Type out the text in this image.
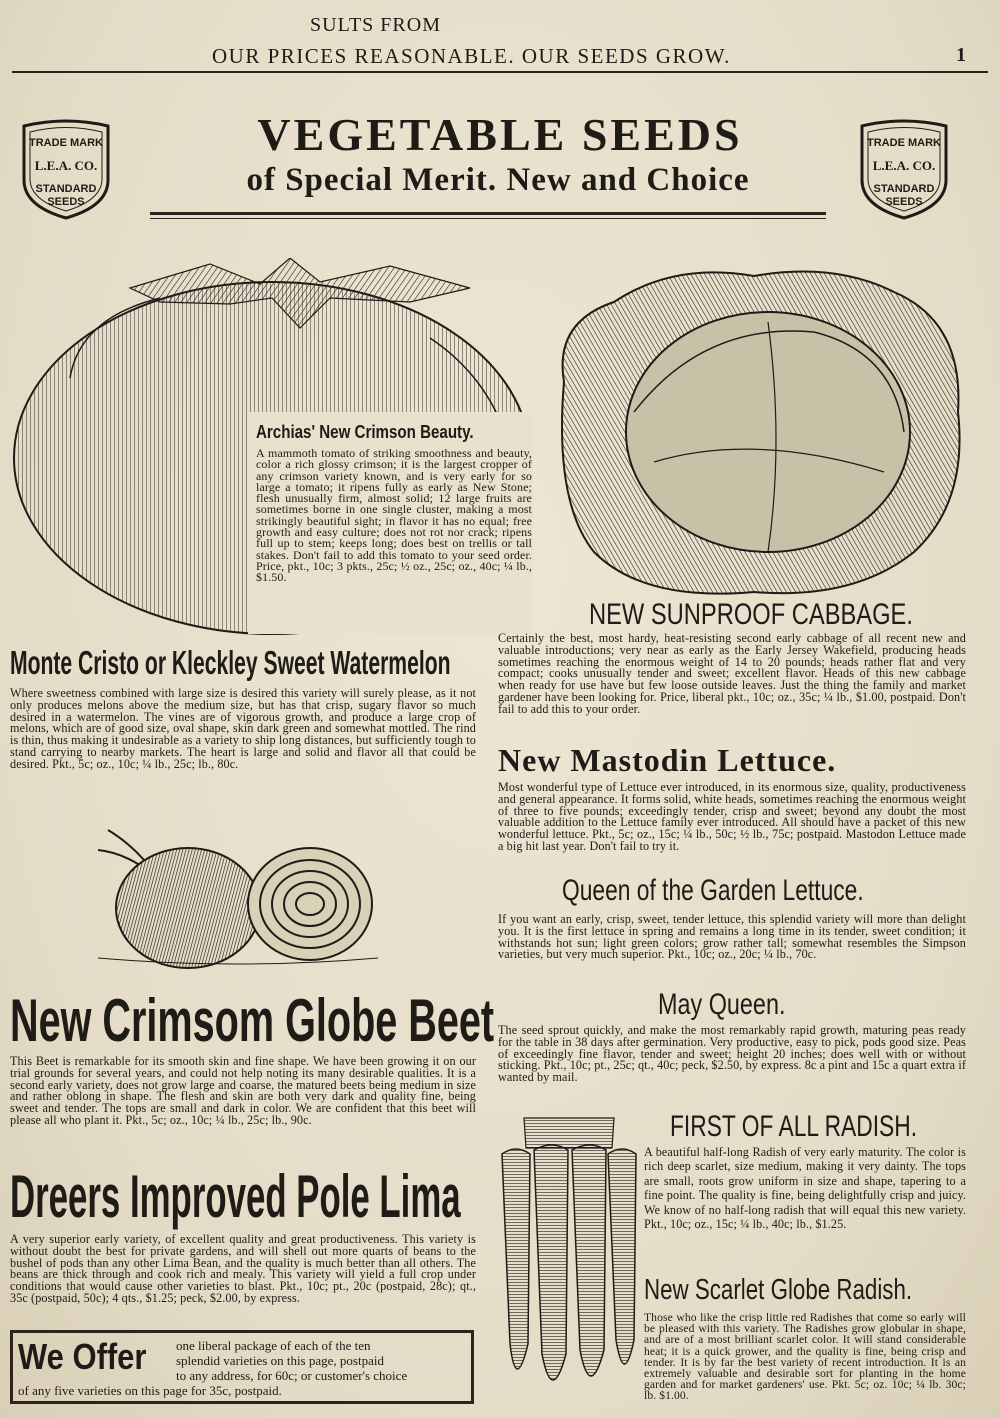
SULTS FROM
OUR PRICES REASONABLE. OUR SEEDS GROW.	1
TRADE MARK
L.E.A. CO.
STANDARD
SEEDS
TRADE MARK
L.E.A. CO.
STANDARD
SEEDS
VEGETABLE SEEDS
of Special Merit. New and Choice
Archias' New Crimson Beauty.
A mammoth tomato of striking smoothness and beauty, color a rich glossy crimson; it is the largest cropper of any crimson variety known, and is very early for so large a tomato; it ripens fully as early as New Stone; flesh unusually firm, almost solid; 12 large fruits are sometimes borne in one single cluster, making a most strikingly beautiful sight; in flavor it has no equal; free growth and easy culture; does not rot nor crack; ripens full up to stem; keeps long; does best on trellis or tall stakes. Don't fail to add this tomato to your seed order. Price, pkt., 10c; 3 pkts., 25c; ½ oz., 25c; oz., 40c; ¼ lb., $1.50.
Monte Cristo or Kleckley Sweet Watermelon
Where sweetness combined with large size is desired this variety will surely please, as it not only produces melons above the medium size, but has that crisp, sugary flavor so much desired in a watermelon. The vines are of vigorous growth, and produce a large crop of melons, which are of good size, oval shape, skin dark green and somewhat mottled. The rind is thin, thus making it undesirable as a variety to ship long distances, but sufficiently tough to stand carrying to nearby markets. The heart is large and solid and flavor all that could be desired. Pkt., 5c; oz., 10c; ¼ lb., 25c; lb., 80c.
New Crimsom Globe Beet
This Beet is remarkable for its smooth skin and fine shape. We have been growing it on our trial grounds for several years, and could not help noting its many desirable qualities. It is a second early variety, does not grow large and coarse, the matured beets being medium in size and rather oblong in shape. The flesh and skin are both very dark and quality fine, being sweet and tender. The tops are small and dark in color. We are confident that this beet will please all who plant it. Pkt., 5c; oz., 10c; ¼ lb., 25c; lb., 90c.
Dreers Improved Pole Lima
A very superior early variety, of excellent quality and great productiveness. This variety is without doubt the best for private gardens, and will shell out more quarts of beans to the bushel of pods than any other Lima Bean, and the quality is much better than all others. The beans are thick through and cook rich and mealy. This variety will yield a full crop under conditions that would cause other varieties to blast. Pkt., 10c; pt., 20c (postpaid, 28c); qt., 35c (postpaid, 50c); 4 qts., $1.25; peck, $2.00, by express.
We Offer one liberal package of each of the ten
splendid varieties on this page, postpaid
to any address, for 60c; or customer's choice
of any five varieties on this page for 35c, postpaid.
NEW SUNPROOF CABBAGE.
Certainly the best, most hardy, heat-resisting second early cabbage of all recent new and valuable introductions; very near as early as the Early Jersey Wakefield, producing heads sometimes reaching the enormous weight of 14 to 20 pounds; heads rather flat and very compact; cooks unusually tender and sweet; excellent flavor. Heads of this new cabbage when ready for use have but few loose outside leaves. Just the thing the family and market gardener have been looking for. Price, liberal pkt., 10c; oz., 35c; ¼ lb., $1.00, postpaid. Don't fail to add this to your order.
New Mastodin Lettuce.
Most wonderful type of Lettuce ever introduced, in its enormous size, quality, productiveness and general appearance. It forms solid, white heads, sometimes reaching the enormous weight of three to five pounds; exceedingly tender, crisp and sweet; beyond any doubt the most valuable addition to the Lettuce family ever introduced. All should have a packet of this new wonderful lettuce. Pkt., 5c; oz., 15c; ¼ lb., 50c; ½ lb., 75c; postpaid. Mastodon Lettuce made a big hit last year. Don't fail to try it.
Queen of the Garden Lettuce.
If you want an early, crisp, sweet, tender lettuce, this splendid variety will more than delight you. It is the first lettuce in spring and remains a long time in its tender, sweet condition; it withstands hot sun; light green colors; grow rather tall; somewhat resembles the Simpson varieties, but very much superior. Pkt., 10c; oz., 20c; ¼ lb., 70c.
May Queen.
The seed sprout quickly, and make the most remarkably rapid growth, maturing peas ready for the table in 38 days after germination. Very productive, easy to pick, pods good size. Peas of exceedingly fine flavor, tender and sweet; height 20 inches; does well with or without sticking. Pkt., 10c; pt., 25c; qt., 40c; peck, $2.50, by express. 8c a pint and 15c a quart extra if wanted by mail.
FIRST OF ALL RADISH.
A beautiful half-long Radish of very early maturity. The color is rich deep scarlet, size medium, making it very dainty. The tops are small, roots grow uniform in size and shape, tapering to a fine point. The quality is fine, being delightfully crisp and juicy. We know of no half-long radish that will equal this new variety. Pkt., 10c; oz., 15c; ¼ lb., 40c; lb., $1.25.
New Scarlet Globe Radish.
Those who like the crisp little red Radishes that come so early will be pleased with this variety. The Radishes grow globular in shape, and are of a most brilliant scarlet color. It will stand considerable heat; it is a quick grower, and the quality is fine, being crisp and tender. It is by far the best variety of recent introduction. It is an extremely valuable and desirable sort for planting in the home garden and for market gardeners' use. Pkt. 5c; oz. 10c; ¼ lb. 30c; lb. $1.00.
